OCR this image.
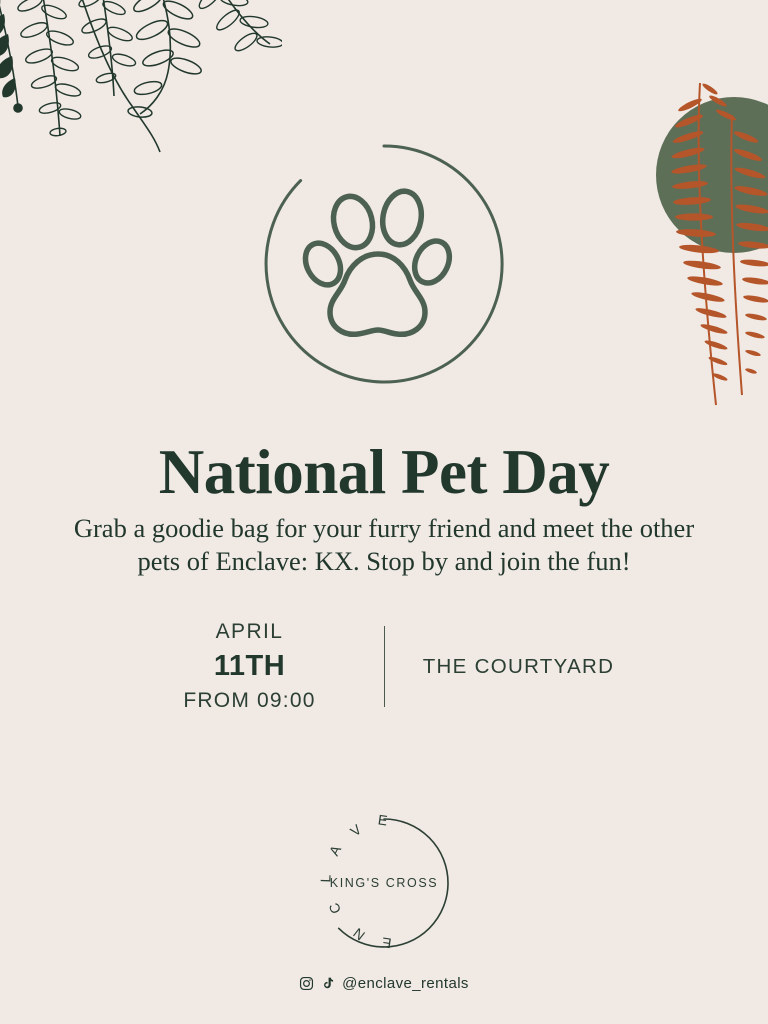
National Pet Day

Grab a goodie bag for your furry friend and meet the other pets of Enclave: KX. Stop by and join the fun!

APRIL
11TH
FROM 09:00
THE COURTYARD
E
V
A
L
C
N E
KING'S CROSS
@enclave_rentals
